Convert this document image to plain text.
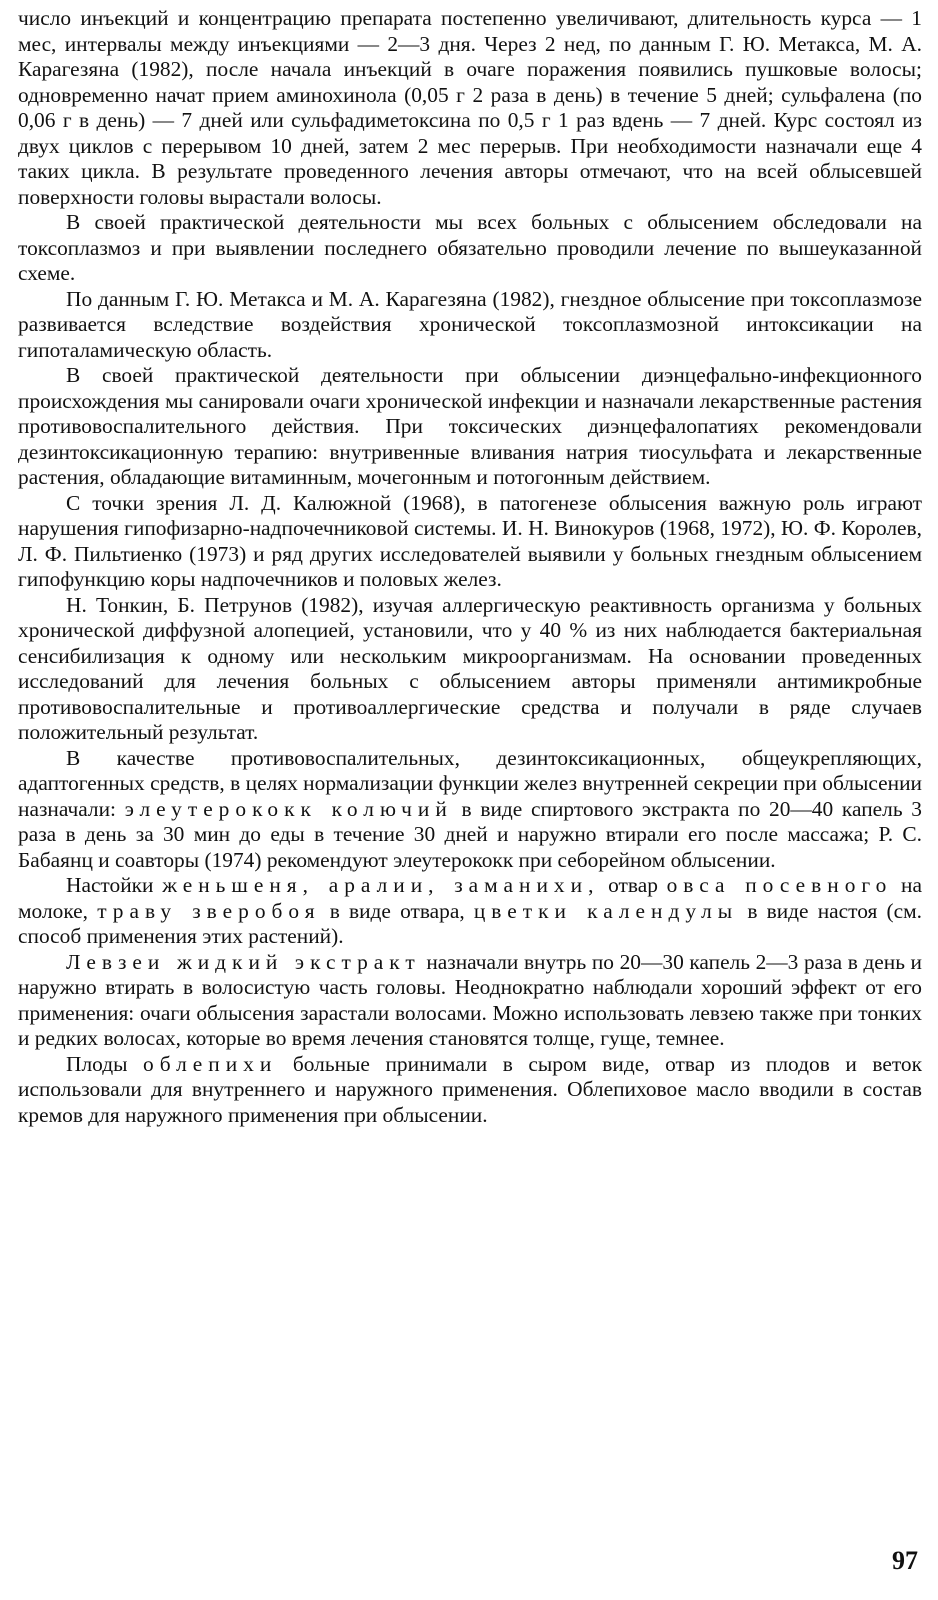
число инъекций и концентрацию препарата постепенно увеличивают, длительность курса — 1 мес, интервалы между инъекциями — 2—3 дня. Через 2 нед, по данным Г. Ю. Метакса, М. А. Карагезяна (1982), после начала инъекций в очаге поражения появились пушковые волосы; одновременно начат прием аминохинола (0,05 г 2 раза в день) в течение 5 дней; сульфалена (по 0,06 г в день) — 7 дней или сульфадиметоксина по 0,5 г 1 раз вдень — 7 дней. Курс состоял из двух циклов с перерывом 10 дней, затем 2 мес перерыв. При необходимости назначали еще 4 таких цикла. В результате проведенного лечения авторы отмечают, что на всей облысевшей поверхности головы вырастали волосы.

В своей практической деятельности мы всех больных с облысением обследовали на токсоплазмоз и при выявлении последнего обязательно проводили лечение по вышеуказанной схеме.

По данным Г. Ю. Метакса и М. А. Карагезяна (1982), гнездное облысение при токсоплазмозе развивается вследствие воздействия хронической токсоплазмозной интоксикации на гипоталамическую область.

В своей практической деятельности при облысении диэнцефально-инфекционного происхождения мы санировали очаги хронической инфекции и назначали лекарственные растения противовоспалительного действия. При токсических диэнцефалопатиях рекомендовали дезинтоксикационную терапию: внутривенные вливания натрия тиосульфата и лекарственные растения, обладающие витаминным, мочегонным и потогонным действием.

С точки зрения Л. Д. Калюжной (1968), в патогенезе облысения важную роль играют нарушения гипофизарно-надпочечниковой системы. И. Н. Винокуров (1968, 1972), Ю. Ф. Королев, Л. Ф. Пильтиенко (1973) и ряд других исследователей выявили у больных гнездным облысением гипофункцию коры надпочечников и половых желез.

Н. Тонкин, Б. Петрунов (1982), изучая аллергическую реактивность организма у больных хронической диффузной алопецией, установили, что у 40 % из них наблюдается бактериальная сенсибилизация к одному или нескольким микроорганизмам. На основании проведенных исследований для лечения больных с облысением авторы применяли антимикробные противовоспалительные и противоаллергические средства и получали в ряде случаев положительный результат.

В качестве противовоспалительных, дезинтоксикационных, общеукрепляющих, адаптогенных средств, в целях нормализации функции желез внутренней секреции при облысении назначали: элеутерококк колючий в виде спиртового экстракта по 20—40 капель 3 раза в день за 30 мин до еды в течение 30 дней и наружно втирали его после массажа; Р. С. Бабаянц и соавторы (1974) рекомендуют элеутерококк при себорейном облысении.

Настойки женьшеня, аралии, заманихи, отвар овса посевного на молоке, траву зверобоя в виде отвара, цветки календулы в виде настоя (см. способ применения этих растений).

Левзеи жидкий экстракт назначали внутрь по 20—30 капель 2—3 раза в день и наружно втирать в волосистую часть головы. Неоднократно наблюдали хороший эффект от его применения: очаги облысения зарастали волосами. Можно использовать левзею также при тонких и редких волосах, которые во время лечения становятся толще, гуще, темнее.

Плоды облепихи больные принимали в сыром виде, отвар из плодов и веток использовали для внутреннего и наружного применения. Облепиховое масло вводили в состав кремов для наружного применения при облысении.

97
